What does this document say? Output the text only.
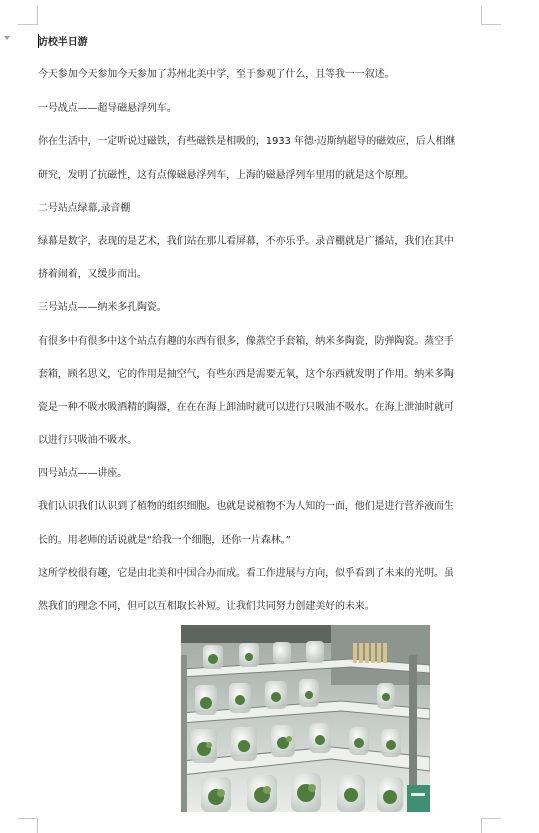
访校半日游
今天参加今天参加今天参加了苏州北美中学，至于参观了什么，且等我一一叙述。
一号战点——超导磁悬浮列车。
你在生活中，一定听说过磁铁，有些磁铁是相吸的，1933 年德·迈斯纳超导的磁效应，后人相继
研究，发明了抗磁性，这有点像磁悬浮列车，上海的磁悬浮列车里用的就是这个原理。
二号站点绿幕,录音棚
绿幕是数字，表现的是艺术，我们站在那儿看屏幕，不亦乐乎。录音棚就是广播站，我们在其中
挤着闹着，又缓步而出。
三号站点——纳米多孔陶瓷。
有很多中有很多中这个站点有趣的东西有很多，像蒸空手套箱，纳米多陶瓷，防弹陶瓷。蒸空手
套箱，顾名思义，它的作用是抽空气，有些东西是需要无氧，这个东西就发明了作用。纳米多陶
瓷是一种不吸水吸酒精的陶器，在在在海上卸油时就可以进行只吸油不吸水。在海上泄油时就可
以进行只吸油不吸水。
四号站点——讲座。
我们认识我们认识到了植物的组织细胞。也就是说植物不为人知的一面，他们是进行营养液而生
长的。用老师的话说就是“给我一个细胞，还你一片森林。”
这所学校很有趣，它是由北美和中国合办而成。看工作进展与方向，似乎看到了未来的光明。虽
然我们的理念不同，但可以互相取长补短。让我们共同努力创建美好的未来。
